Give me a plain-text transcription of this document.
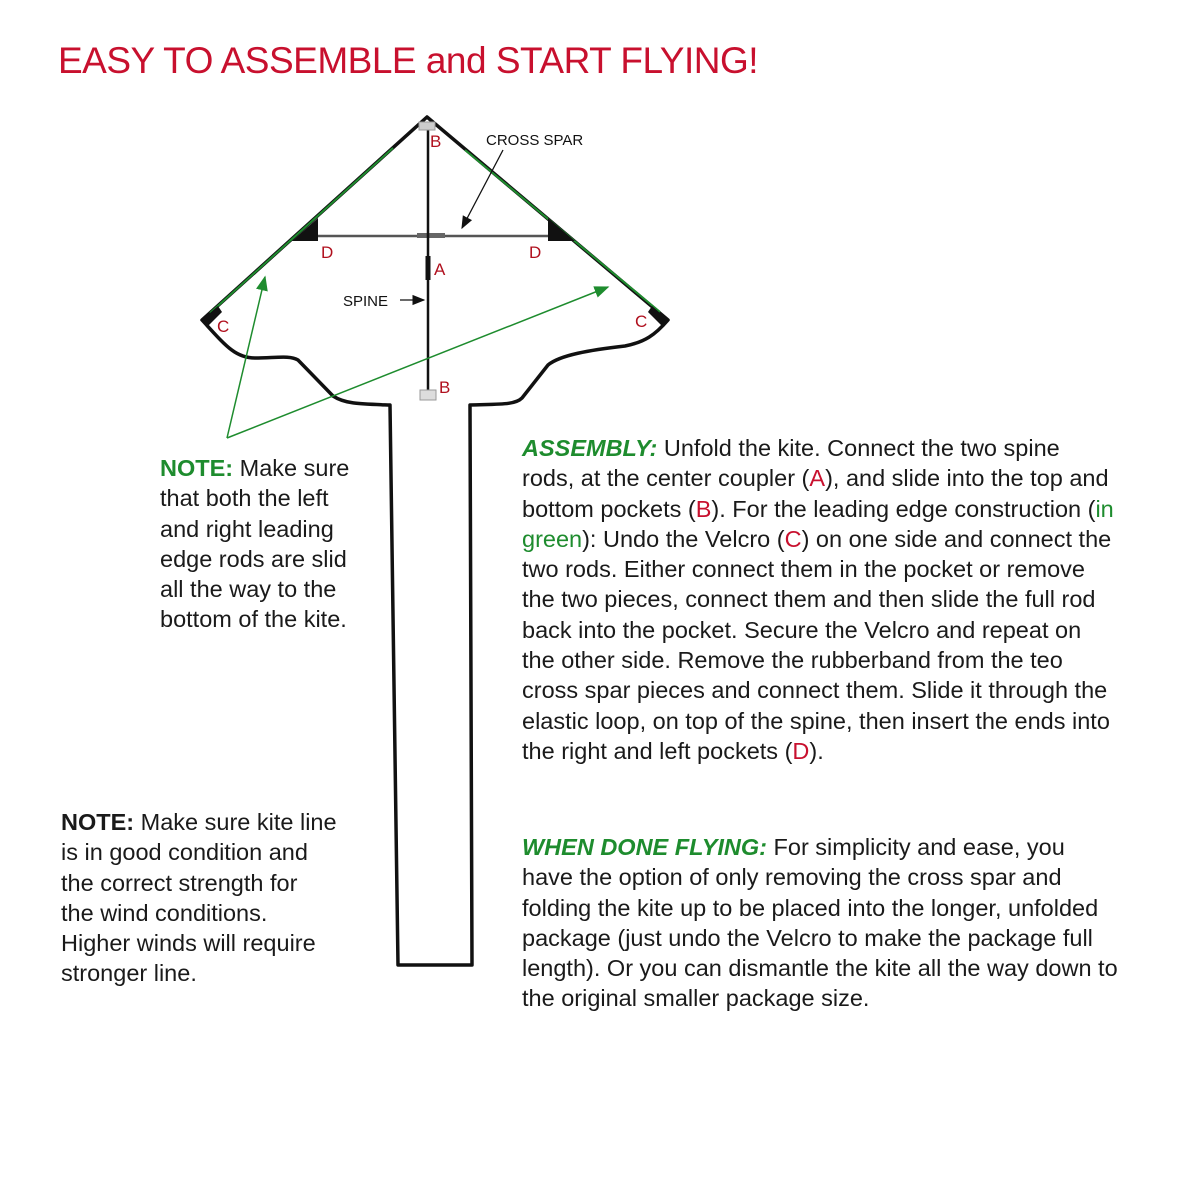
EASY TO ASSEMBLE and START FLYING!
B
D	D
A
C	C
B
CROSS SPAR
SPINE
NOTE: Make sure
that both the left
and right leading
edge rods are slid
all the way to the
bottom of the kite.
ASSEMBLY: Unfold the kite. Connect the two spine
rods, at the center coupler (A), and slide into the top and
bottom pockets (B). For the leading edge construction (in
green): Undo the Velcro (C) on one side and connect the
two rods. Either connect them in the pocket or remove
the two pieces, connect them and then slide the full rod
back into the pocket. Secure the Velcro and repeat on
the other side. Remove the rubberband from the teo
cross spar pieces and connect them. Slide it through the
elastic loop, on top of the spine, then insert the ends into
the right and left pockets (D).
NOTE: Make sure kite line
is in good condition and
the correct strength for
the wind conditions.
Higher winds will require
stronger line.
WHEN DONE FLYING: For simplicity and ease, you
have the option of only removing the cross spar and
folding the kite up to be placed into the longer, unfolded
package (just undo the Velcro to make the package full
length). Or you can dismantle the kite all the way down to
the original smaller package size.
